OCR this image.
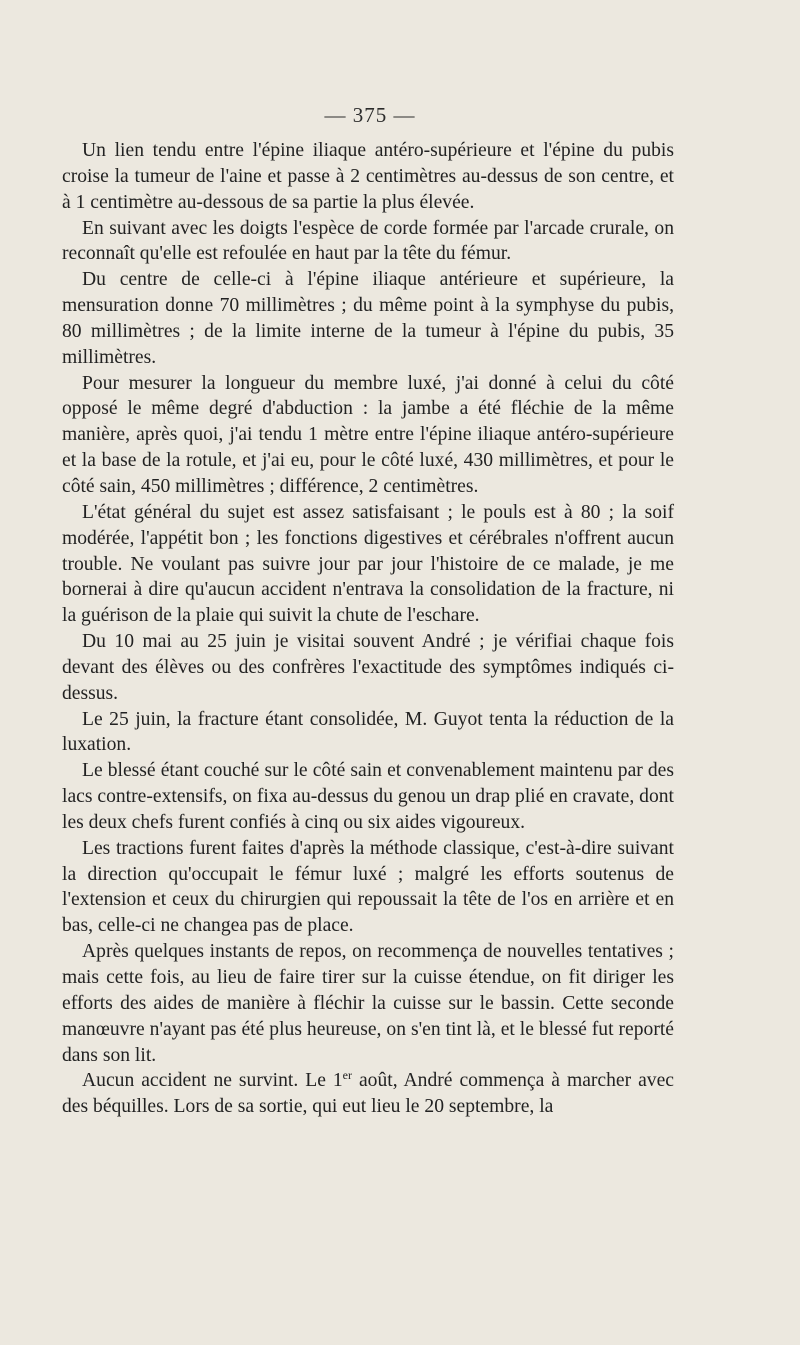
— 375 —

Un lien tendu entre l'épine iliaque antéro-supérieure et l'épine du pubis croise la tumeur de l'aine et passe à 2 centimètres au-dessus de son centre, et à 1 centimètre au-dessous de sa partie la plus élevée.

En suivant avec les doigts l'espèce de corde formée par l'arcade crurale, on reconnaît qu'elle est refoulée en haut par la tête du fémur.

Du centre de celle-ci à l'épine iliaque antérieure et supérieure, la mensuration donne 70 millimètres ; du même point à la symphyse du pubis, 80 millimètres ; de la limite interne de la tumeur à l'épine du pubis, 35 millimètres.

Pour mesurer la longueur du membre luxé, j'ai donné à celui du côté opposé le même degré d'abduction : la jambe a été fléchie de la même manière, après quoi, j'ai tendu 1 mètre entre l'épine iliaque antéro-supérieure et la base de la rotule, et j'ai eu, pour le côté luxé, 430 millimètres, et pour le côté sain, 450 millimètres ; différence, 2 centimètres.

L'état général du sujet est assez satisfaisant ; le pouls est à 80 ; la soif modérée, l'appétit bon ; les fonctions digestives et cérébrales n'offrent aucun trouble. Ne voulant pas suivre jour par jour l'histoire de ce malade, je me bornerai à dire qu'aucun accident n'entrava la consolidation de la fracture, ni la guérison de la plaie qui suivit la chute de l'eschare.

Du 10 mai au 25 juin je visitai souvent André ; je vérifiai chaque fois devant des élèves ou des confrères l'exactitude des symptômes indiqués ci-dessus.

Le 25 juin, la fracture étant consolidée, M. Guyot tenta la réduction de la luxation.

Le blessé étant couché sur le côté sain et convenablement maintenu par des lacs contre-extensifs, on fixa au-dessus du genou un drap plié en cravate, dont les deux chefs furent confiés à cinq ou six aides vigoureux.

Les tractions furent faites d'après la méthode classique, c'est-à-dire suivant la direction qu'occupait le fémur luxé ; malgré les efforts soutenus de l'extension et ceux du chirurgien qui repoussait la tête de l'os en arrière et en bas, celle-ci ne changea pas de place.

Après quelques instants de repos, on recommença de nouvelles tentatives ; mais cette fois, au lieu de faire tirer sur la cuisse étendue, on fit diriger les efforts des aides de manière à fléchir la cuisse sur le bassin. Cette seconde manœuvre n'ayant pas été plus heureuse, on s'en tint là, et le blessé fut reporté dans son lit.

Aucun accident ne survint. Le 1er août, André commença à marcher avec des béquilles. Lors de sa sortie, qui eut lieu le 20 septembre, la
